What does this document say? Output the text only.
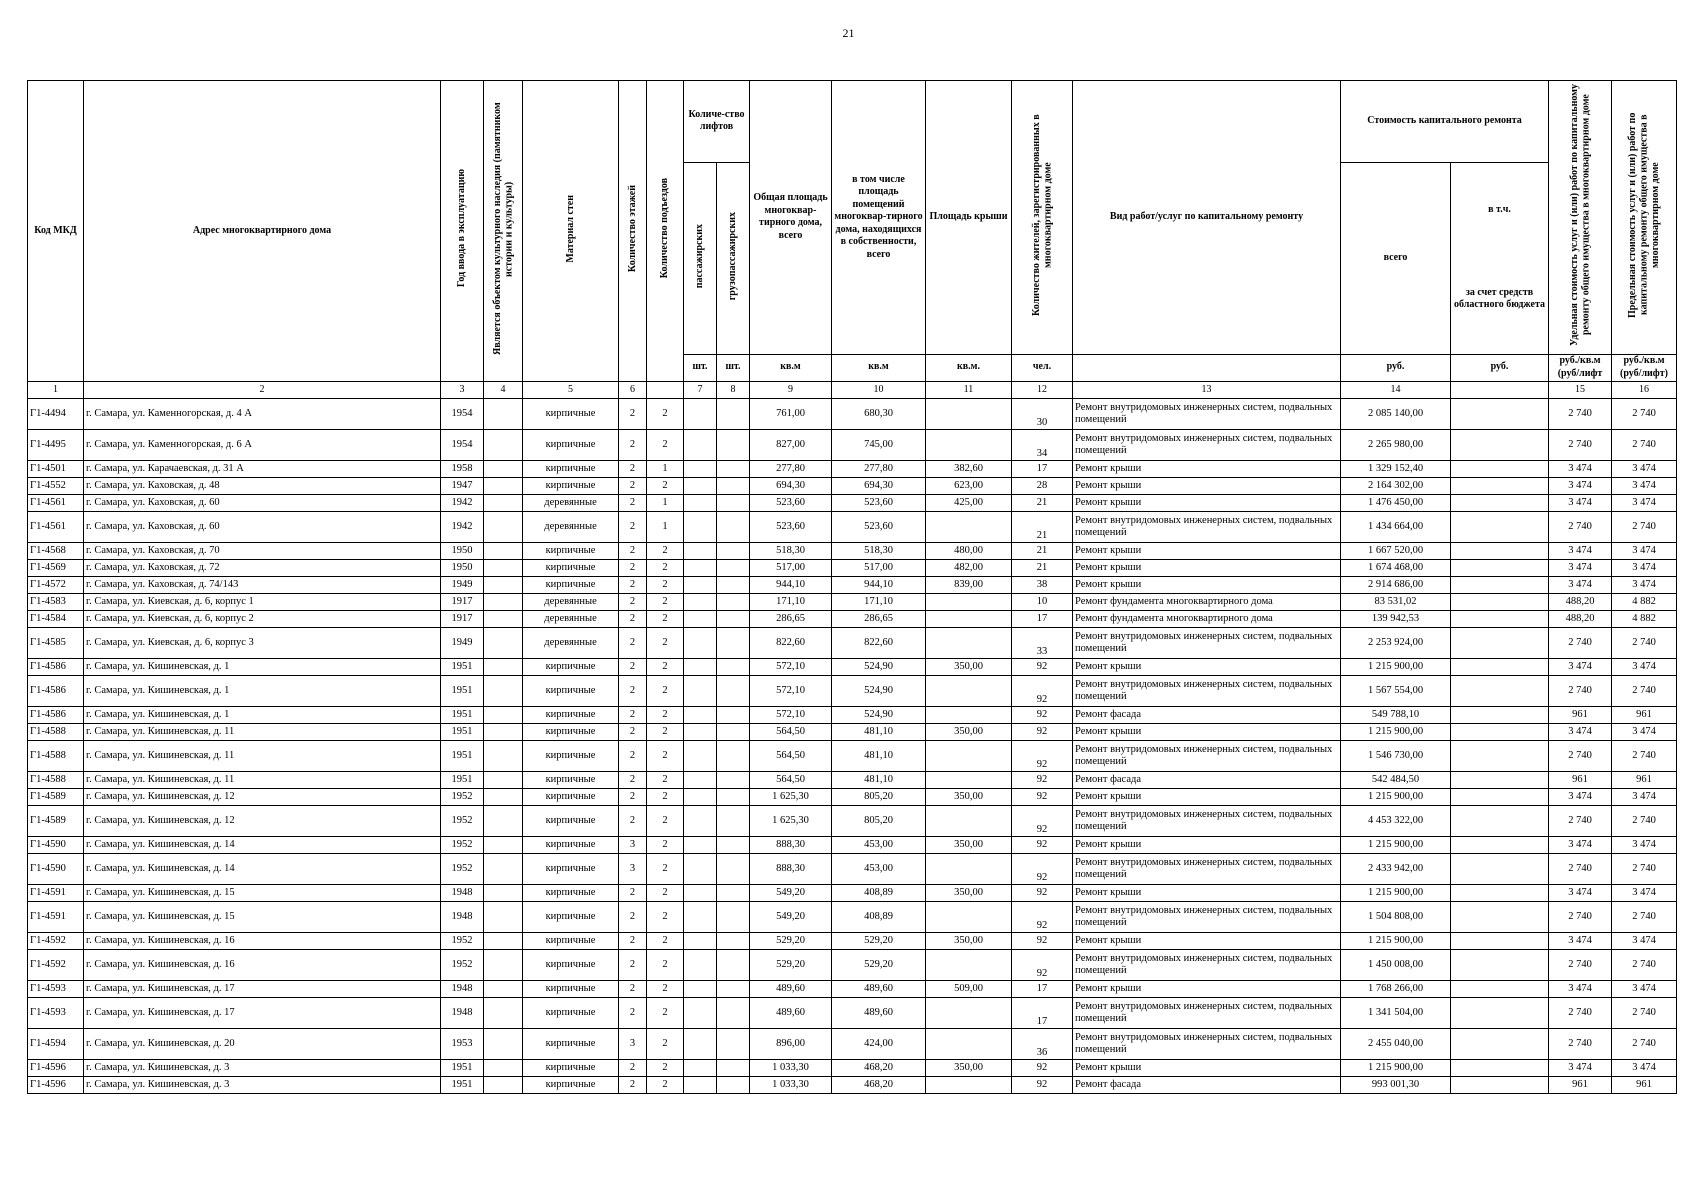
21
Код МКД	Адрес многоквартирного дома	Год ввода в эксплуатацию	Является объектом культурного наследия (памятником истории и культуры)	Материал стен	Количество этажей	Количество подъездов	Количе-ство лифтов		Общая площадь многоквар-тирного дома, всего	в том числе площадь помещений многоквар-тирного дома, находящихся в собственности, всего	Площадь крыши	Количество жителей, зарегистрированных в многоквартирном доме	Вид работ/услуг по капитальному ремонту	Стоимость капитального ремонта		Удельная стоимость услуг и (или) работ по капитальному ремонту общего имущества в многоквартирном доме	Предельная стоимость услуг и (или) работ по капитальному ремонту общего имущества в многоквартирном доме
							пассажирских	грузопассажирских						всего	в т.ч.
за счет средств областного бюджета		

							шт.	шт.	кв.м	кв.м	кв.м.	чел.		руб.	руб.	руб./кв.м (руб/лифт	руб./кв.м (руб/лифт)
1	2	3	4	5	6		7	8	9	10	11	12	13	14		15	16
Г1-4494	г. Самара, ул. Каменногорская, д. 4 А	1954		кирпичные	2	2			761,00	680,30		30	Ремонт внутридомовых инженерных систем, подвальных помещений	2 085 140,00		2 740	2 740
Г1-4495	г. Самара, ул. Каменногорская, д. 6 А	1954		кирпичные	2	2			827,00	745,00		34	Ремонт внутридомовых инженерных систем, подвальных помещений	2 265 980,00		2 740	2 740
Г1-4501	г. Самара, ул. Карачаевская, д. 31 А	1958		кирпичные	2	1			277,80	277,80	382,60	17	Ремонт крыши	1 329 152,40		3 474	3 474
Г1-4552	г. Самара, ул. Каховская, д. 48	1947		кирпичные	2	2			694,30	694,30	623,00	28	Ремонт крыши	2 164 302,00		3 474	3 474
Г1-4561	г. Самара, ул. Каховская, д. 60	1942		деревянные	2	1			523,60	523,60	425,00	21	Ремонт крыши	1 476 450,00		3 474	3 474
Г1-4561	г. Самара, ул. Каховская, д. 60	1942		деревянные	2	1			523,60	523,60		21	Ремонт внутридомовых инженерных систем, подвальных помещений	1 434 664,00		2 740	2 740
Г1-4568	г. Самара, ул. Каховская, д. 70	1950		кирпичные	2	2			518,30	518,30	480,00	21	Ремонт крыши	1 667 520,00		3 474	3 474
Г1-4569	г. Самара, ул. Каховская, д. 72	1950		кирпичные	2	2			517,00	517,00	482,00	21	Ремонт крыши	1 674 468,00		3 474	3 474
Г1-4572	г. Самара, ул. Каховская, д. 74/143	1949		кирпичные	2	2			944,10	944,10	839,00	38	Ремонт крыши	2 914 686,00		3 474	3 474
Г1-4583	г. Самара, ул. Киевская, д. 6, корпус 1	1917		деревянные	2	2			171,10	171,10		10	Ремонт фундамента многоквартирного дома	83 531,02		488,20	4 882
Г1-4584	г. Самара, ул. Киевская, д. 6, корпус 2	1917		деревянные	2	2			286,65	286,65		17	Ремонт фундамента многоквартирного дома	139 942,53		488,20	4 882
Г1-4585	г. Самара, ул. Киевская, д. 6, корпус 3	1949		деревянные	2	2			822,60	822,60		33	Ремонт внутридомовых инженерных систем, подвальных помещений	2 253 924,00		2 740	2 740
Г1-4586	г. Самара, ул. Кишиневская, д. 1	1951		кирпичные	2	2			572,10	524,90	350,00	92	Ремонт крыши	1 215 900,00		3 474	3 474
Г1-4586	г. Самара, ул. Кишиневская, д. 1	1951		кирпичные	2	2			572,10	524,90		92	Ремонт внутридомовых инженерных систем, подвальных помещений	1 567 554,00		2 740	2 740
Г1-4586	г. Самара, ул. Кишиневская, д. 1	1951		кирпичные	2	2			572,10	524,90		92	Ремонт фасада	549 788,10		961	961
Г1-4588	г. Самара, ул. Кишиневская, д. 11	1951		кирпичные	2	2			564,50	481,10	350,00	92	Ремонт крыши	1 215 900,00		3 474	3 474
Г1-4588	г. Самара, ул. Кишиневская, д. 11	1951		кирпичные	2	2			564,50	481,10		92	Ремонт внутридомовых инженерных систем, подвальных помещений	1 546 730,00		2 740	2 740
Г1-4588	г. Самара, ул. Кишиневская, д. 11	1951		кирпичные	2	2			564,50	481,10		92	Ремонт фасада	542 484,50		961	961
Г1-4589	г. Самара, ул. Кишиневская, д. 12	1952		кирпичные	2	2			1 625,30	805,20	350,00	92	Ремонт крыши	1 215 900,00		3 474	3 474
Г1-4589	г. Самара, ул. Кишиневская, д. 12	1952		кирпичные	2	2			1 625,30	805,20		92	Ремонт внутридомовых инженерных систем, подвальных помещений	4 453 322,00		2 740	2 740
Г1-4590	г. Самара, ул. Кишиневская, д. 14	1952		кирпичные	3	2			888,30	453,00	350,00	92	Ремонт крыши	1 215 900,00		3 474	3 474
Г1-4590	г. Самара, ул. Кишиневская, д. 14	1952		кирпичные	3	2			888,30	453,00		92	Ремонт внутридомовых инженерных систем, подвальных помещений	2 433 942,00		2 740	2 740
Г1-4591	г. Самара, ул. Кишиневская, д. 15	1948		кирпичные	2	2			549,20	408,89	350,00	92	Ремонт крыши	1 215 900,00		3 474	3 474
Г1-4591	г. Самара, ул. Кишиневская, д. 15	1948		кирпичные	2	2			549,20	408,89		92	Ремонт внутридомовых инженерных систем, подвальных помещений	1 504 808,00		2 740	2 740
Г1-4592	г. Самара, ул. Кишиневская, д. 16	1952		кирпичные	2	2			529,20	529,20	350,00	92	Ремонт крыши	1 215 900,00		3 474	3 474
Г1-4592	г. Самара, ул. Кишиневская, д. 16	1952		кирпичные	2	2			529,20	529,20		92	Ремонт внутридомовых инженерных систем, подвальных помещений	1 450 008,00		2 740	2 740
Г1-4593	г. Самара, ул. Кишиневская, д. 17	1948		кирпичные	2	2			489,60	489,60	509,00	17	Ремонт крыши	1 768 266,00		3 474	3 474
Г1-4593	г. Самара, ул. Кишиневская, д. 17	1948		кирпичные	2	2			489,60	489,60		17	Ремонт внутридомовых инженерных систем, подвальных помещений	1 341 504,00		2 740	2 740
Г1-4594	г. Самара, ул. Кишиневская, д. 20	1953		кирпичные	3	2			896,00	424,00		36	Ремонт внутридомовых инженерных систем, подвальных помещений	2 455 040,00		2 740	2 740
Г1-4596	г. Самара, ул. Кишиневская, д. 3	1951		кирпичные	2	2			1 033,30	468,20	350,00	92	Ремонт крыши	1 215 900,00		3 474	3 474
Г1-4596	г. Самара, ул. Кишиневская, д. 3	1951		кирпичные	2	2			1 033,30	468,20		92	Ремонт фасада	993 001,30		961	961
